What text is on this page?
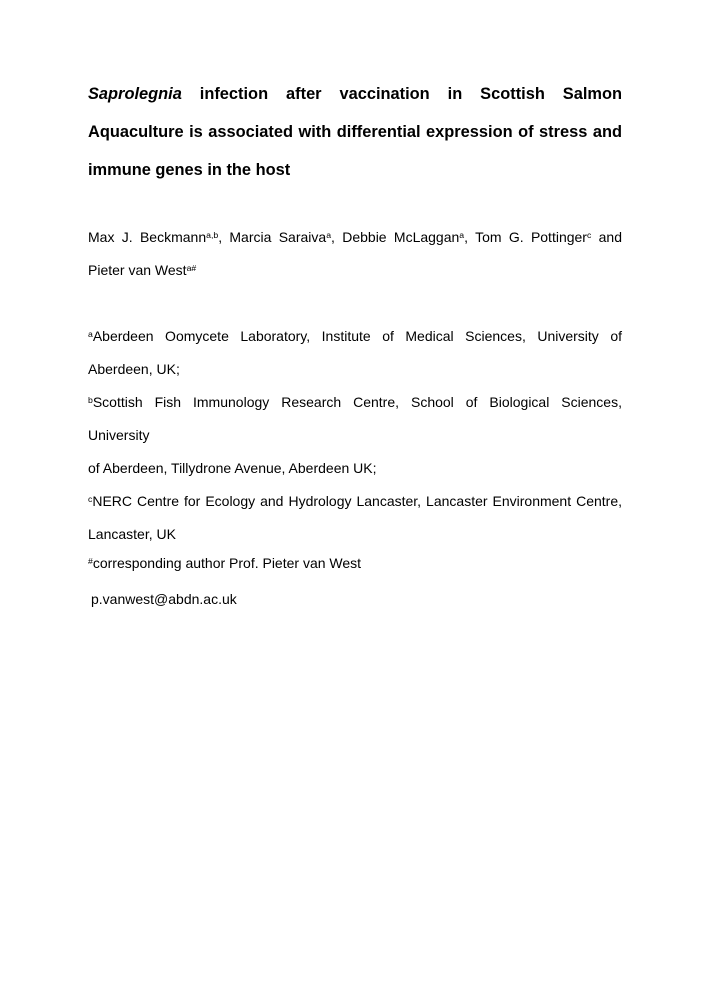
Saprolegnia infection after vaccination in Scottish Salmon
Aquaculture is associated with differential expression of stress and
immune genes in the host
Max J. Beckmann$^{a,b}$, Marcia Saraiva$^a$, Debbie McLaggan$^a$, Tom G. Pottinger$^c$ and
Pieter van West$^{a\#}$
$^a$Aberdeen Oomycete Laboratory, Institute of Medical Sciences, University of
Aberdeen, UK;
$^b$Scottish Fish Immunology Research Centre, School of Biological Sciences, University
of Aberdeen, Tillydrone Avenue, Aberdeen UK;
$^c$NERC Centre for Ecology and Hydrology Lancaster, Lancaster Environment Centre,
Lancaster, UK
#corresponding author Prof. Pieter van West
p.vanwest@abdn.ac.uk
